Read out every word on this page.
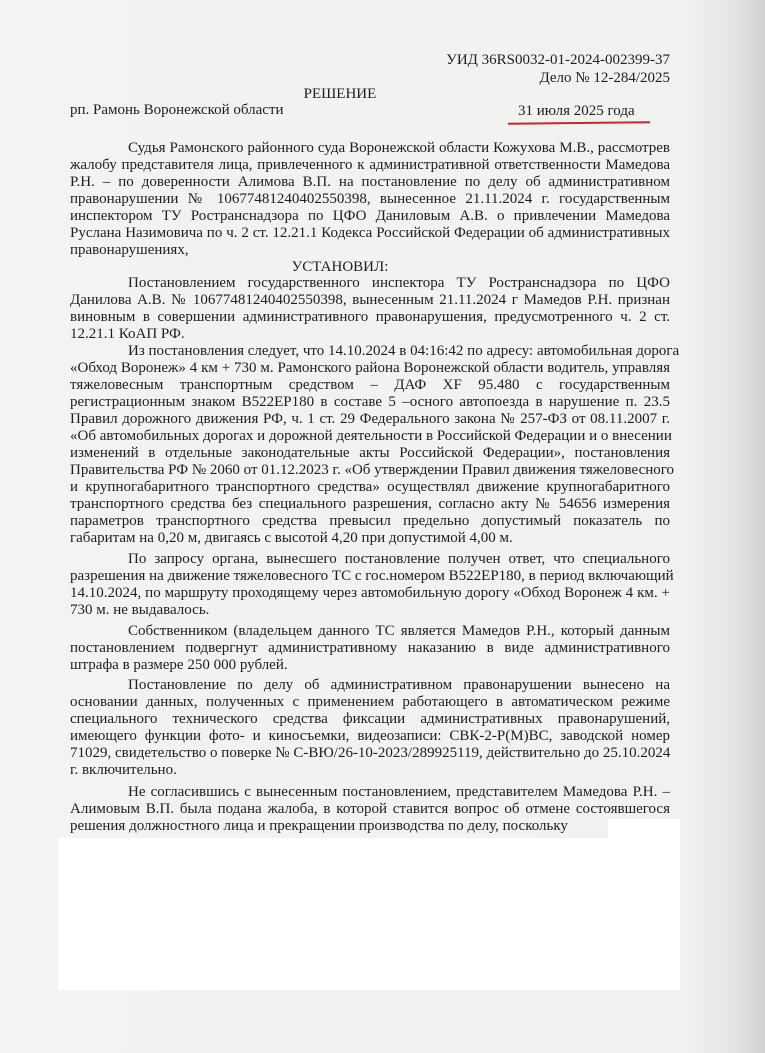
УИД 36RS0032-01-2024-002399-37
Дело № 12-284/2025
РЕШЕНИЕ
рп. Рамонь Воронежской области	31 июля 2025 года
Судья Рамонского районного суда Воронежской области Кожухова М.В., рассмотрев
жалобу представителя лица, привлеченного к административной ответственности Мамедова
Р.Н. – по доверенности Алимова В.П. на постановление по делу об административном
правонарушении № 10677481240402550398, вынесенное 21.11.2024 г. государственным
инспектором ТУ Ространснадзора по ЦФО Даниловым А.В. о привлечении Мамедова
Руслана Назимовича по ч. 2 ст. 12.21.1 Кодекса Российской Федерации об административных
правонарушениях,
УСТАНОВИЛ:
Постановлением государственного инспектора ТУ Ространснадзора по ЦФО
Данилова А.В. № 10677481240402550398, вынесенным 21.11.2024 г Мамедов Р.Н. признан
виновным в совершении административного правонарушения, предусмотренного ч. 2 ст.
12.21.1 КоАП РФ.
Из постановления следует, что 14.10.2024 в 04:16:42 по адресу: автомобильная дорога
«Обход Воронеж» 4 км + 730 м. Рамонского района Воронежской области водитель, управляя
тяжеловесным транспортным средством – ДАФ XF 95.480 с государственным
регистрационным знаком В522ЕР180 в составе 5 –осного автопоезда в нарушение п. 23.5
Правил дорожного движения РФ, ч. 1 ст. 29 Федерального закона № 257-ФЗ от 08.11.2007 г.
«Об автомобильных дорогах и дорожной деятельности в Российской Федерации и о внесении
изменений в отдельные законодательные акты Российской Федерации», постановления
Правительства РФ № 2060 от 01.12.2023 г. «Об утверждении Правил движения тяжеловесного
и крупногабаритного транспортного средства» осуществлял движение крупногабаритного
транспортного средства без специального разрешения, согласно акту № 54656 измерения
параметров транспортного средства превысил предельно допустимый показатель по
габаритам на 0,20 м, двигаясь с высотой 4,20 при допустимой 4,00 м.
По запросу органа, вынесшего постановление получен ответ, что специального
разрешения на движение тяжеловесного ТС с гос.номером В522ЕР180, в период включающий
14.10.2024, по маршруту проходящему через автомобильную дорогу «Обход Воронеж 4 км. +
730 м. не выдавалось.
Собственником (владельцем данного ТС является Мамедов Р.Н., который данным
постановлением подвергнут административному наказанию в виде административного
штрафа в размере 250 000 рублей.
Постановление по делу об административном правонарушении вынесено на
основании данных, полученных с применением работающего в автоматическом режиме
специального технического средства фиксации административных правонарушений,
имеющего функции фото- и киносъемки, видеозаписи: СВК-2-Р(М)ВС, заводской номер
71029, свидетельство о поверке № С-ВЮ/26-10-2023/289925119, действительно до 25.10.2024
г. включительно.
Не согласившись с вынесенным постановлением, представителем Мамедова Р.Н. –
Алимовым В.П. была подана жалоба, в которой ставится вопрос об отмене состоявшегося
решения должностного лица и прекращении производства по делу, поскольку
